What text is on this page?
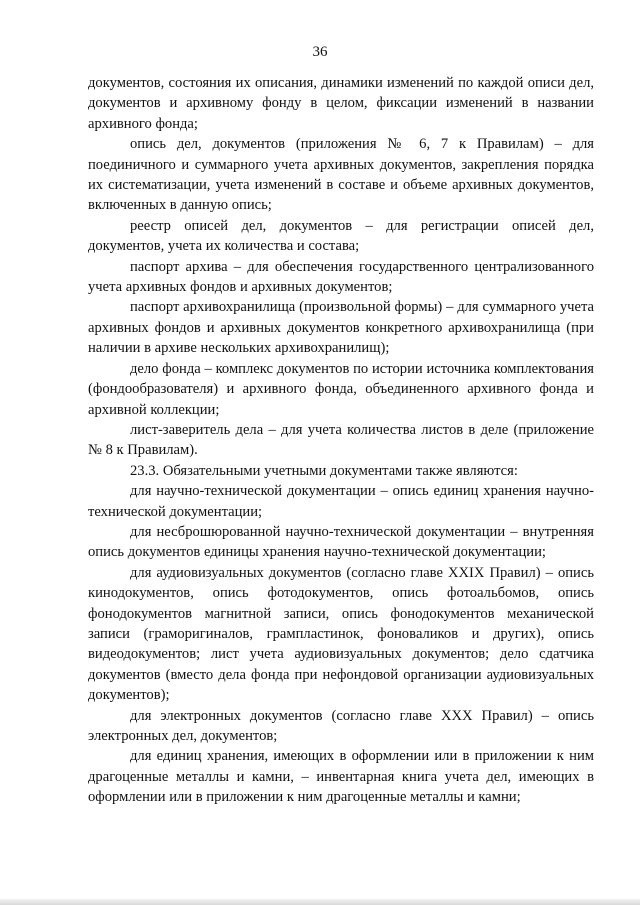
36

документов, состояния их описания, динамики изменений по каждой описи дел, документов и архивному фонду в целом, фиксации изменений в названии архивного фонда;

опись дел, документов (приложения № 6, 7 к Правилам) – для поединичного и суммарного учета архивных документов, закрепления порядка их систематизации, учета изменений в составе и объеме архивных документов, включенных в данную опись;

реестр описей дел, документов – для регистрации описей дел, документов, учета их количества и состава;

паспорт архива – для обеспечения государственного централизованного учета архивных фондов и архивных документов;

паспорт архивохранилища (произвольной формы) – для суммарного учета архивных фондов и архивных документов конкретного архивохранилища (при наличии в архиве нескольких архивохранилищ);

дело фонда – комплекс документов по истории источника комплектования (фондообразователя) и архивного фонда, объединенного архивного фонда и архивной коллекции;

лист-заверитель дела – для учета количества листов в деле (приложение № 8 к Правилам).

23.3. Обязательными учетными документами также являются:

для научно-технической документации – опись единиц хранения научно-технической документации;

для несброшюрованной научно-технической документации – внутренняя опись документов единицы хранения научно-технической документации;

для аудиовизуальных документов (согласно главе XXIX Правил) – опись кинодокументов, опись фотодокументов, опись фотоальбомов, опись фонодокументов магнитной записи, опись фонодокументов механической записи (граморигиналов, грампластинок, фоновaликов и других), опись видеодокументов; лист учета аудиовизуальных документов; дело сдатчика документов (вместо дела фонда при нефондовой организации аудиовизуальных документов);

для электронных документов (согласно главе XXX Правил) – опись электронных дел, документов;

для единиц хранения, имеющих в оформлении или в приложении к ним драгоценные металлы и камни, – инвентарная книга учета дел, имеющих в оформлении или в приложении к ним драгоценные металлы и камни;
